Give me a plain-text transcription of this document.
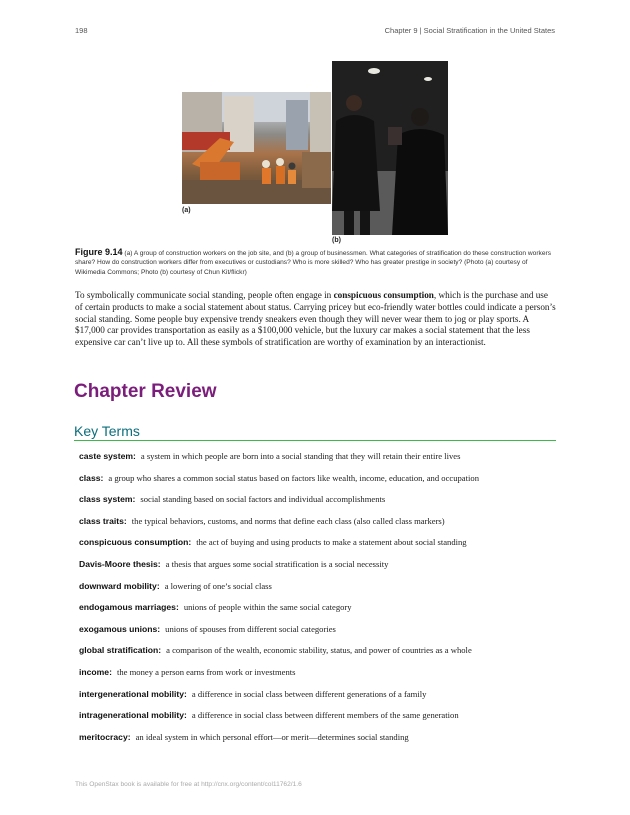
198	Chapter 9 | Social Stratification in the United States
(a)
(b)
Figure 9.14 (a) A group of construction workers on the job site, and (b) a group of businessmen. What categories of stratification do these construction workers share? How do construction workers differ from executives or custodians? Who is more skilled? Who has greater prestige in society? (Photo (a) courtesy of Wikimedia Commons; Photo (b) courtesy of Chun Kit/flickr)
To symbolically communicate social standing, people often engage in conspicuous consumption, which is the purchase and use of certain products to make a social statement about status. Carrying pricey but eco-friendly water bottles could indicate a person’s social standing. Some people buy expensive trendy sneakers even though they will never wear them to jog or play sports. A $17,000 car provides transportation as easily as a $100,000 vehicle, but the luxury car makes a social statement that the less expensive car can’t live up to. All these symbols of stratification are worthy of examination by an interactionist.
Chapter Review
Key Terms
caste system: a system in which people are born into a social standing that they will retain their entire lives
class: a group who shares a common social status based on factors like wealth, income, education, and occupation
class system: social standing based on social factors and individual accomplishments
class traits: the typical behaviors, customs, and norms that define each class (also called class markers)
conspicuous consumption: the act of buying and using products to make a statement about social standing
Davis-Moore thesis: a thesis that argues some social stratification is a social necessity
downward mobility: a lowering of one’s social class
endogamous marriages: unions of people within the same social category
exogamous unions: unions of spouses from different social categories
global stratification: a comparison of the wealth, economic stability, status, and power of countries as a whole
income: the money a person earns from work or investments
intergenerational mobility: a difference in social class between different generations of a family
intragenerational mobility: a difference in social class between different members of the same generation
meritocracy: an ideal system in which personal effort—or merit—determines social standing
This OpenStax book is available for free at http://cnx.org/content/col11762/1.6
